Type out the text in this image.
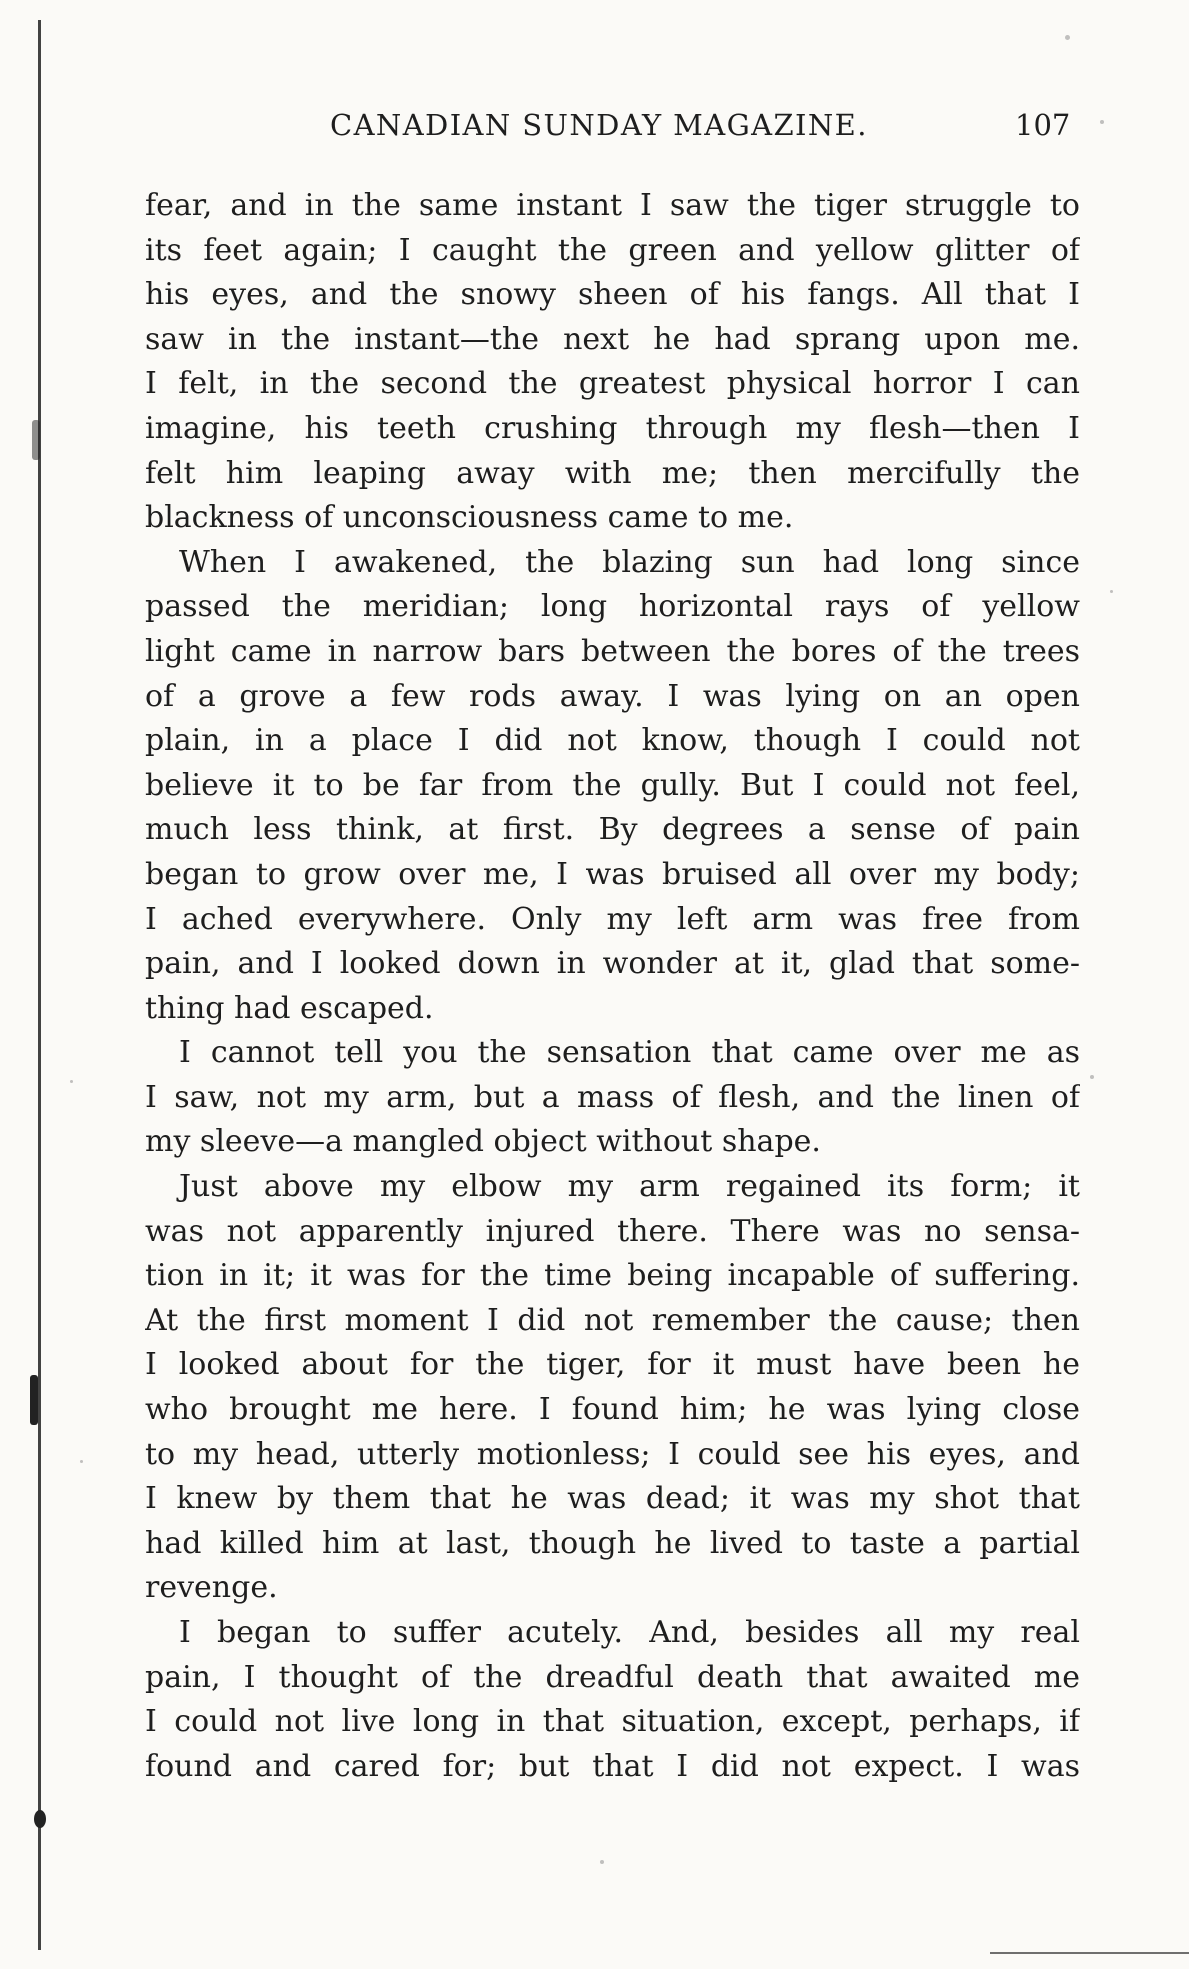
CANADIAN SUNDAY MAGAZINE.	107
fear, and in the same instant I saw the tiger struggle to
its feet again; I caught the green and yellow glitter of
his eyes, and the snowy sheen of his fangs. All that I
saw in the instant—the next he had sprang upon me.
I felt, in the second the greatest physical horror I can
imagine, his teeth crushing through my flesh—then I
felt him leaping away with me; then mercifully the
blackness of unconsciousness came to me.
When I awakened, the blazing sun had long since
passed the meridian; long horizontal rays of yellow
light came in narrow bars between the bores of the trees
of a grove a few rods away. I was lying on an open
plain, in a place I did not know, though I could not
believe it to be far from the gully. But I could not feel,
much less think, at first. By degrees a sense of pain
began to grow over me, I was bruised all over my body;
I ached everywhere. Only my left arm was free from
pain, and I looked down in wonder at it, glad that some-
thing had escaped.
I cannot tell you the sensation that came over me as
I saw, not my arm, but a mass of flesh, and the linen of
my sleeve—a mangled object without shape.
Just above my elbow my arm regained its form; it
was not apparently injured there. There was no sensa-
tion in it; it was for the time being incapable of suffering.
At the first moment I did not remember the cause; then
I looked about for the tiger, for it must have been he
who brought me here. I found him; he was lying close
to my head, utterly motionless; I could see his eyes, and
I knew by them that he was dead; it was my shot that
had killed him at last, though he lived to taste a partial
revenge.
I began to suffer acutely. And, besides all my real
pain, I thought of the dreadful death that awaited me
I could not live long in that situation, except, perhaps, if
found and cared for; but that I did not expect. I was
